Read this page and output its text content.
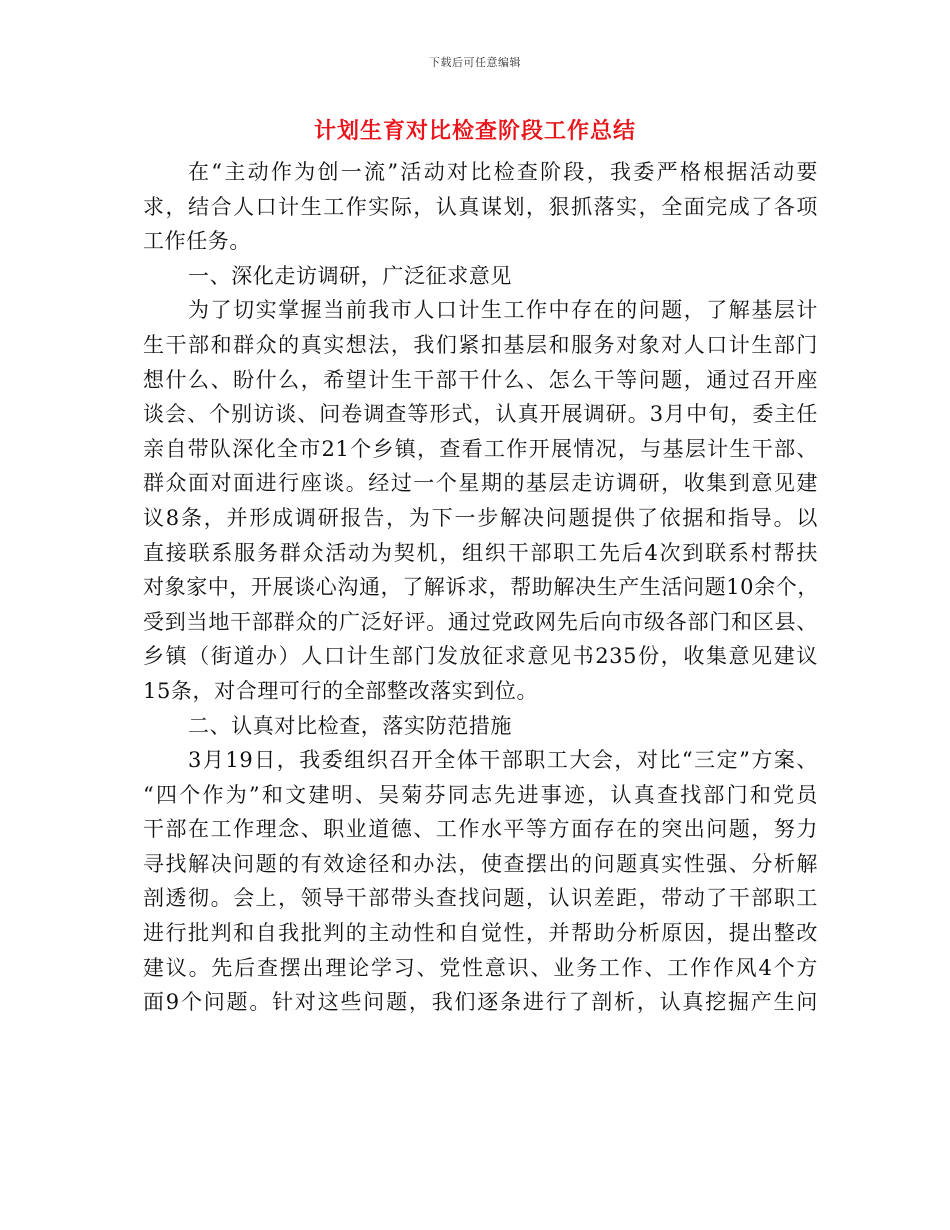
下载后可任意编辑
计划生育对比检查阶段工作总结
在“主动作为创一流”活动对比检查阶段，我委严格根据活动要
求，结合人口计生工作实际，认真谋划，狠抓落实，全面完成了各项
工作任务。
一、深化走访调研，广泛征求意见
为了切实掌握当前我市人口计生工作中存在的问题，了解基层计
生干部和群众的真实想法，我们紧扣基层和服务对象对人口计生部门
想什么、盼什么，希望计生干部干什么、怎么干等问题，通过召开座
谈会、个别访谈、问卷调查等形式，认真开展调研。3月中旬，委主任
亲自带队深化全市21个乡镇，查看工作开展情况，与基层计生干部、
群众面对面进行座谈。经过一个星期的基层走访调研，收集到意见建
议8条，并形成调研报告，为下一步解决问题提供了依据和指导。以
直接联系服务群众活动为契机，组织干部职工先后4次到联系村帮扶
对象家中，开展谈心沟通，了解诉求，帮助解决生产生活问题10余个，
受到当地干部群众的广泛好评。通过党政网先后向市级各部门和区县、
乡镇（街道办）人口计生部门发放征求意见书235份，收集意见建议
15条，对合理可行的全部整改落实到位。
二、认真对比检查，落实防范措施
3月19日，我委组织召开全体干部职工大会，对比“三定”方案、
“四个作为”和文建明、吴菊芬同志先进事迹，认真查找部门和党员
干部在工作理念、职业道德、工作水平等方面存在的突出问题，努力
寻找解决问题的有效途径和办法，使查摆出的问题真实性强、分析解
剖透彻。会上，领导干部带头查找问题，认识差距，带动了干部职工
进行批判和自我批判的主动性和自觉性，并帮助分析原因，提出整改
建议。先后查摆出理论学习、党性意识、业务工作、工作作风4个方
面9个问题。针对这些问题，我们逐条进行了剖析，认真挖掘产生问
